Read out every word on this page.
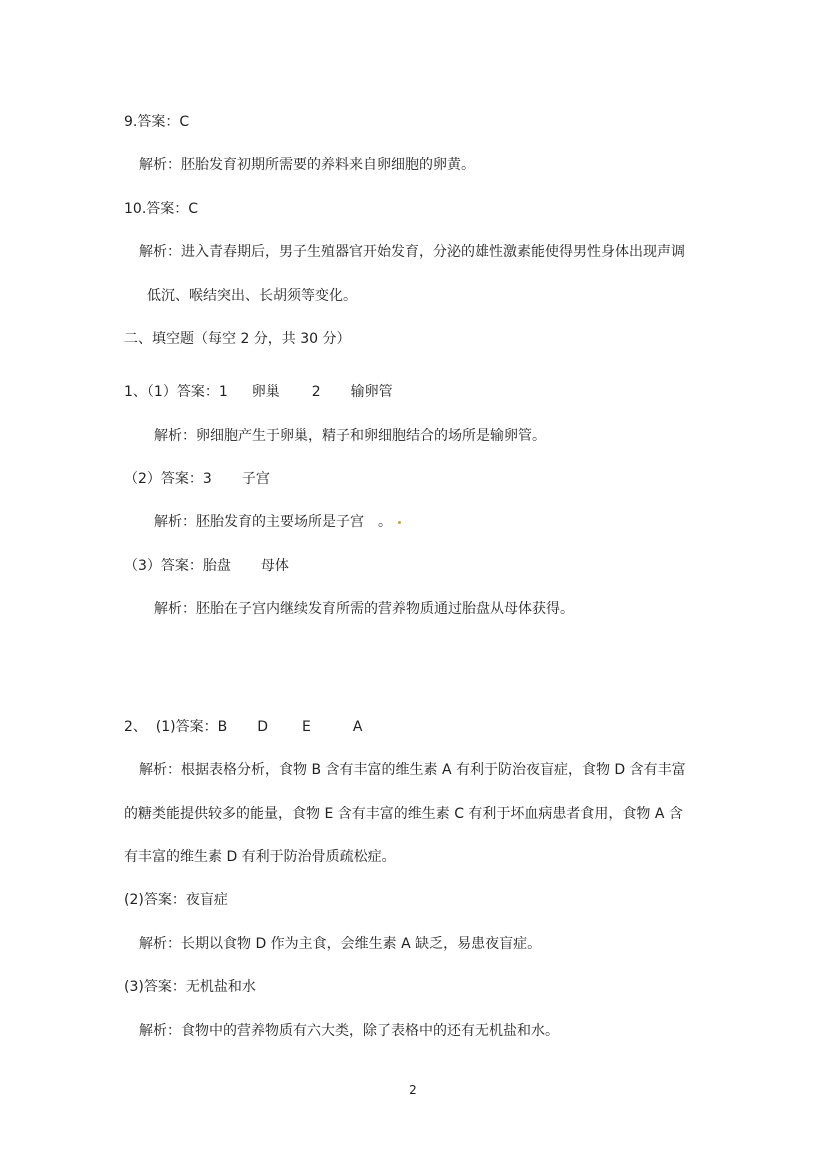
9.答案：C
解析：胚胎发育初期所需要的养料来自卵细胞的卵黄。
10.答案：C
解析：进入青春期后，男子生殖器官开始发育，分泌的雄性激素能使得男性身体出现声调
低沉、喉结突出、长胡须等变化。
二、填空题（每空 2 分，共 30 分）
1、（1）答案：1 卵巢 2 输卵管
解析：卵细胞产生于卵巢，精子和卵细胞结合的场所是输卵管。
（2）答案：3 子宫
解析：胚胎发育的主要场所是子宫　。
（3）答案：胎盘 母体
解析：胚胎在子宫内继续发育所需的营养物质通过胎盘从母体获得。
2、  (1)答案：B D E	A
解析：根据表格分析，食物 B 含有丰富的维生素 A 有利于防治夜盲症，食物 D 含有丰富
的糖类能提供较多的能量，食物 E 含有丰富的维生素 C 有利于坏血病患者食用，食物 A 含
有丰富的维生素 D 有利于防治骨质疏松症。
(2)答案：夜盲症
解析：长期以食物 D 作为主食，会维生素 A 缺乏，易患夜盲症。
(3)答案：无机盐和水
解析：食物中的营养物质有六大类，除了表格中的还有无机盐和水。
2
